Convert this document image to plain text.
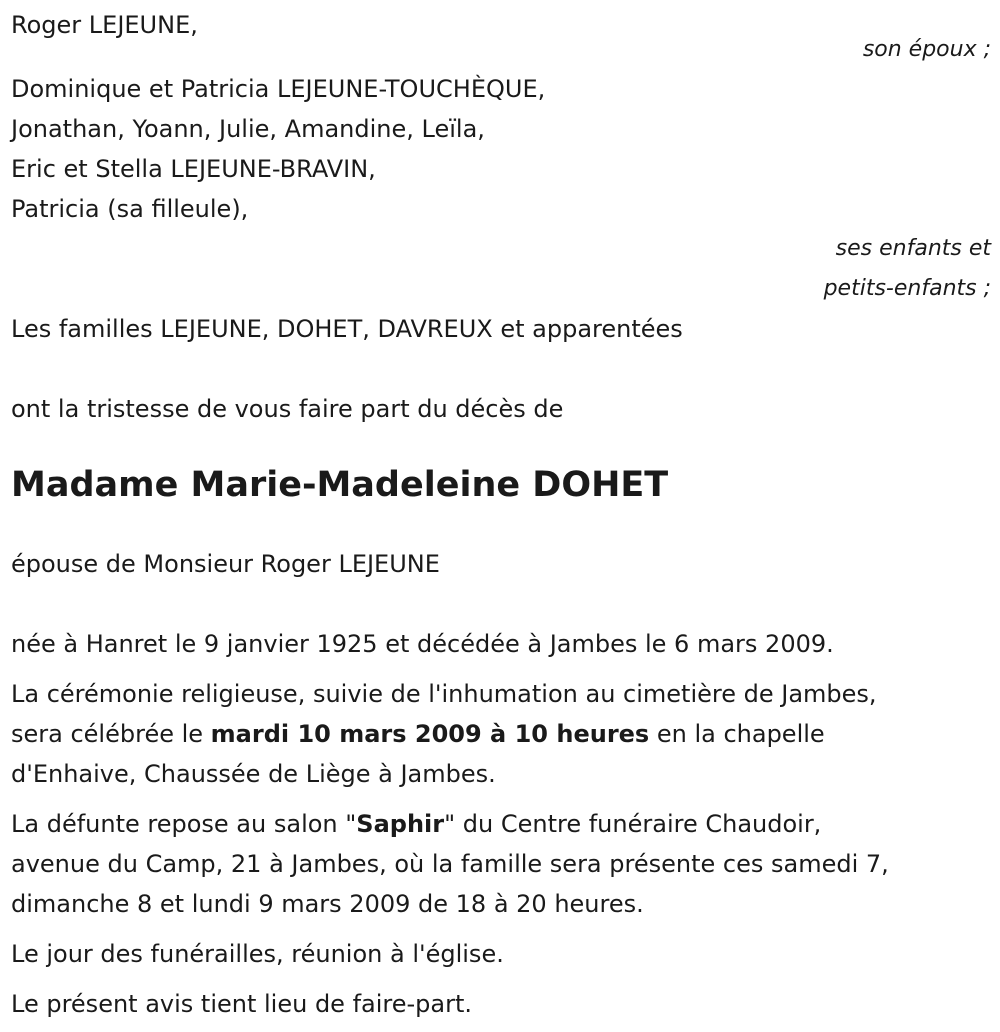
Roger LEJEUNE,
son époux ;
Dominique et Patricia LEJEUNE-TOUCHÈQUE,
Jonathan, Yoann, Julie, Amandine, Leïla,
Eric et Stella LEJEUNE-BRAVIN,
Patricia (sa filleule),
ses enfants et
petits-enfants ;
Les familles LEJEUNE, DOHET, DAVREUX et apparentées
ont la tristesse de vous faire part du décès de
Madame Marie-Madeleine DOHET
épouse de Monsieur Roger LEJEUNE
née à Hanret le 9 janvier 1925 et décédée à Jambes le 6 mars 2009.
La cérémonie religieuse, suivie de l'inhumation au cimetière de Jambes,
sera célébrée le mardi 10 mars 2009 à 10 heures en la chapelle
d'Enhaive, Chaussée de Liège à Jambes.
La défunte repose au salon "Saphir" du Centre funéraire Chaudoir,
avenue du Camp, 21 à Jambes, où la famille sera présente ces samedi 7,
dimanche 8 et lundi 9 mars 2009 de 18 à 20 heures.
Le jour des funérailles, réunion à l'église.
Le présent avis tient lieu de faire-part.
